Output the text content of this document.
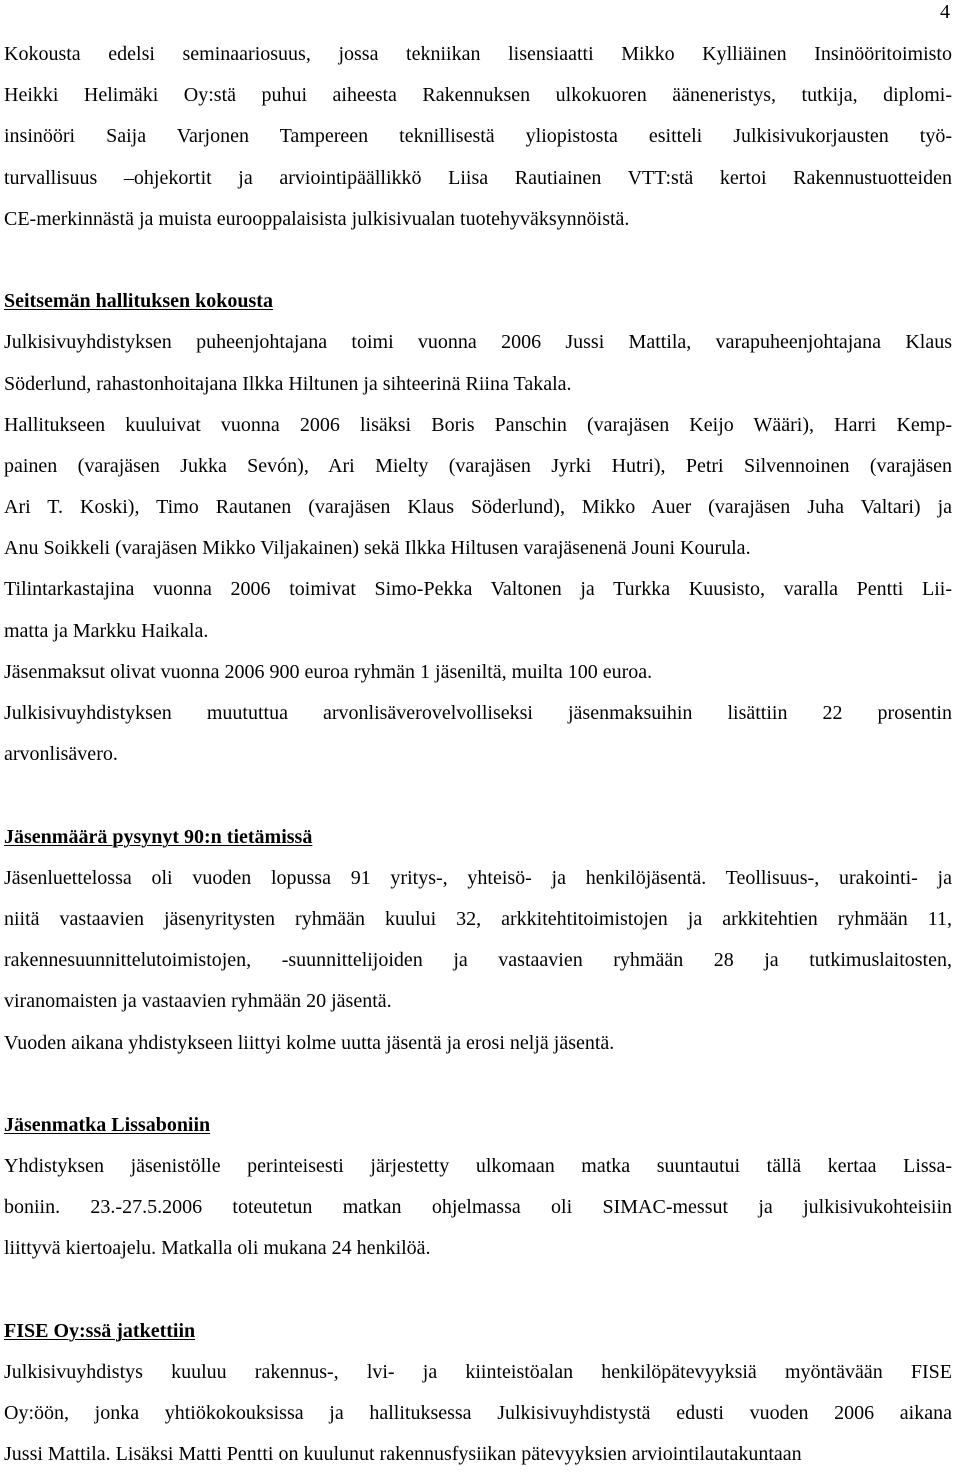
4
Kokousta edelsi seminaariosuus, jossa tekniikan lisensiaatti Mikko Kylliäinen Insinööritoimisto
Heikki Helimäki Oy:stä puhui aiheesta Rakennuksen ulkokuoren ääneneristys, tutkija, diplomi-
insinööri Saija Varjonen Tampereen teknillisestä yliopistosta esitteli Julkisivukorjausten työ-
turvallisuus –ohjekortit ja arviointipäällikkö Liisa Rautiainen VTT:stä kertoi Rakennustuotteiden
CE-merkinnästä ja muista eurooppalaisista julkisivualan tuotehyväksynnöistä.
Seitsemän hallituksen kokousta
Julkisivuyhdistyksen puheenjohtajana toimi vuonna 2006 Jussi Mattila, varapuheenjohtajana Klaus
Söderlund, rahastonhoitajana Ilkka Hiltunen ja sihteerinä Riina Takala.
Hallitukseen kuuluivat vuonna 2006 lisäksi Boris Panschin (varajäsen Keijo Wääri), Harri Kemp-
painen (varajäsen Jukka Sevón), Ari Mielty (varajäsen Jyrki Hutri), Petri Silvennoinen (varajäsen
Ari T. Koski), Timo Rautanen (varajäsen Klaus Söderlund), Mikko Auer (varajäsen Juha Valtari) ja
Anu Soikkeli (varajäsen Mikko Viljakainen) sekä Ilkka Hiltusen varajäsenenä Jouni Kourula.
Tilintarkastajina vuonna 2006 toimivat Simo-Pekka Valtonen ja Turkka Kuusisto, varalla Pentti Lii-
matta ja Markku Haikala.
Jäsenmaksut olivat vuonna 2006 900 euroa ryhmän 1 jäseniltä, muilta 100 euroa.
Julkisivuyhdistyksen muututtua arvonlisäverovelvolliseksi jäsenmaksuihin lisättiin 22 prosentin
arvonlisävero.
Jäsenmäärä pysynyt 90:n tietämissä
Jäsenluettelossa oli vuoden lopussa 91 yritys-, yhteisö- ja henkilöjäsentä. Teollisuus-, urakointi- ja
niitä vastaavien jäsenyritysten ryhmään kuului 32, arkkitehtitoimistojen ja arkkitehtien ryhmään 11,
rakennesuunnittelutoimistojen, -suunnittelijoiden ja vastaavien ryhmään 28 ja tutkimuslaitosten,
viranomaisten ja vastaavien ryhmään 20 jäsentä.
Vuoden aikana yhdistykseen liittyi kolme uutta jäsentä ja erosi neljä jäsentä.
Jäsenmatka Lissaboniin
Yhdistyksen jäsenistölle perinteisesti järjestetty ulkomaan matka suuntautui tällä kertaa Lissa-
boniin. 23.-27.5.2006 toteutetun matkan ohjelmassa oli SIMAC-messut ja julkisivukohteisiin
liittyvä kiertoajelu. Matkalla oli mukana 24 henkilöä.
FISE Oy:ssä jatkettiin
Julkisivuyhdistys kuuluu rakennus-, lvi- ja kiinteistöalan henkilöpätevyyksiä myöntävään FISE
Oy:öön, jonka yhtiökokouksissa ja hallituksessa Julkisivuyhdistystä edusti vuoden 2006 aikana
Jussi Mattila. Lisäksi Matti Pentti on kuulunut rakennusfysiikan pätevyyksien arviointilautakuntaan
